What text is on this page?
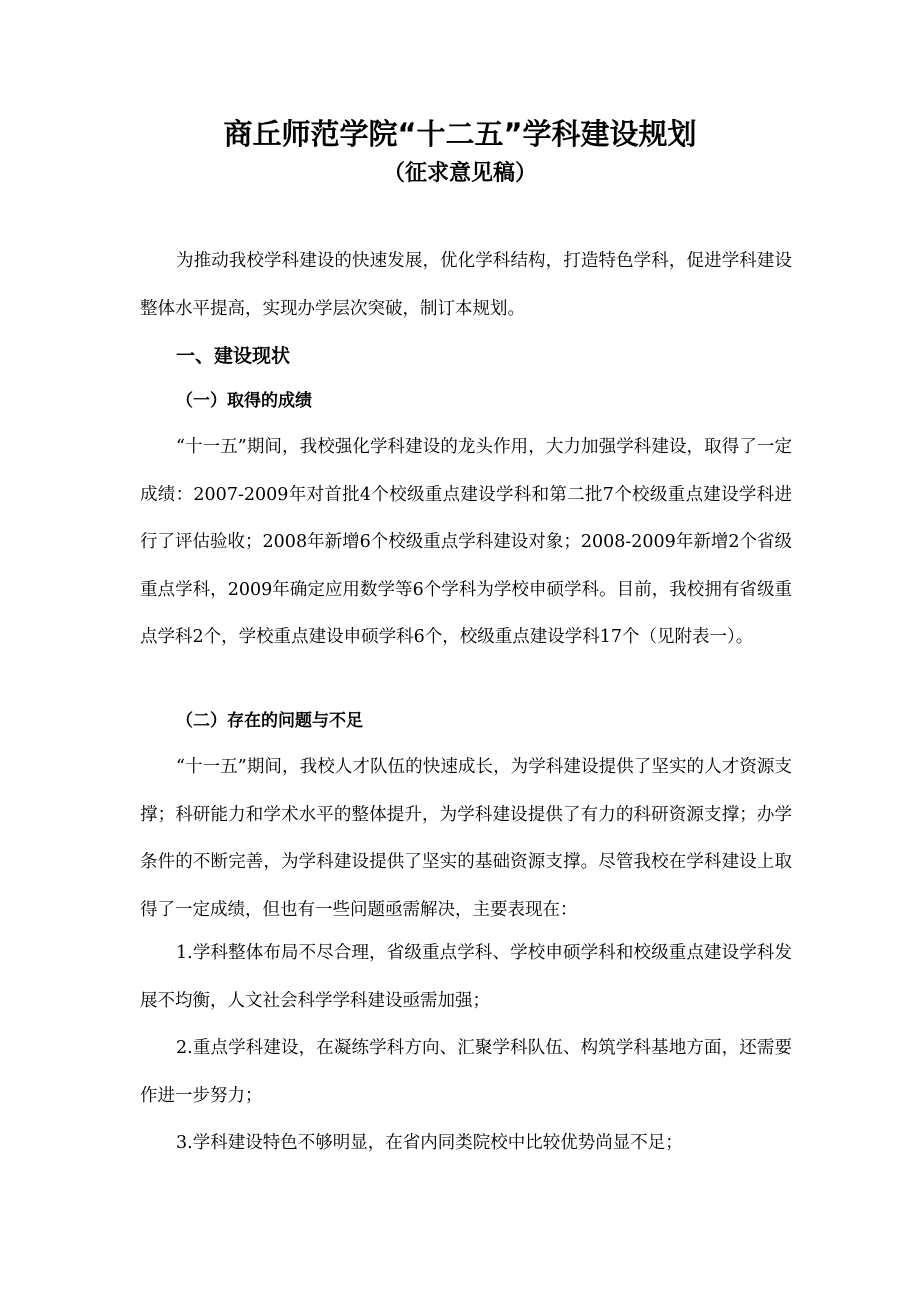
商丘师范学院“十二五”学科建设规划
（征求意见稿）

为推动我校学科建设的快速发展，优化学科结构，打造特色学科，促进学科建设整体水平提高，实现办学层次突破，制订本规划。

一、建设现状
（一）取得的成绩

“十一五”期间，我校强化学科建设的龙头作用，大力加强学科建设，取得了一定成绩：2007-2009年对首批4个校级重点建设学科和第二批7个校级重点建设学科进行了评估验收；2008年新增6个校级重点学科建设对象；2008-2009年新增2个省级重点学科，2009年确定应用数学等6个学科为学校申硕学科。目前，我校拥有省级重点学科2个，学校重点建设申硕学科6个，校级重点建设学科17个（见附表一）。

（二）存在的问题与不足

“十一五”期间，我校人才队伍的快速成长，为学科建设提供了坚实的人才资源支撑；科研能力和学术水平的整体提升，为学科建设提供了有力的科研资源支撑；办学条件的不断完善，为学科建设提供了坚实的基础资源支撑。尽管我校在学科建设上取得了一定成绩，但也有一些问题亟需解决，主要表现在：

1.学科整体布局不尽合理，省级重点学科、学校申硕学科和校级重点建设学科发展不均衡，人文社会科学学科建设亟需加强；

2.重点学科建设，在凝练学科方向、汇聚学科队伍、构筑学科基地方面，还需要作进一步努力；

3.学科建设特色不够明显，在省内同类院校中比较优势尚显不足；
